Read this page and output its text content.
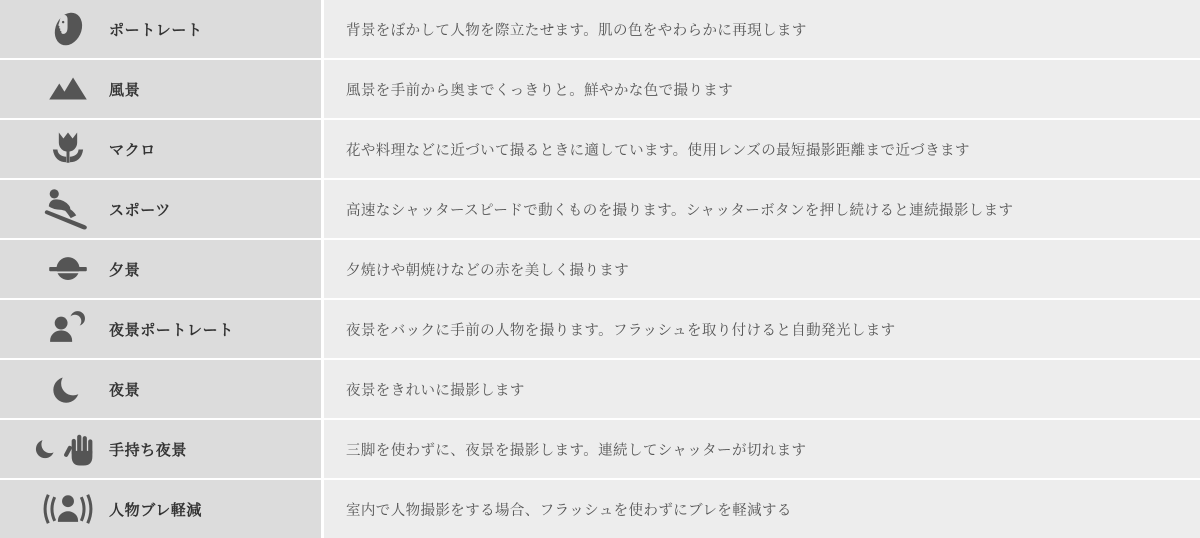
ポートレート	背景をぼかして人物を際立たせます。肌の色をやわらかに再現します
風景	風景を手前から奥までくっきりと。鮮やかな色で撮ります
マクロ	花や料理などに近づいて撮るときに適しています。使用レンズの最短撮影距離まで近づきます
スポーツ	高速なシャッタースピードで動くものを撮ります。シャッターボタンを押し続けると連続撮影します
夕景	夕焼けや朝焼けなどの赤を美しく撮ります
夜景ポートレート	夜景をバックに手前の人物を撮ります。フラッシュを取り付けると自動発光します
夜景	夜景をきれいに撮影します
手持ち夜景	三脚を使わずに、夜景を撮影します。連続してシャッターが切れます
人物ブレ軽減	室内で人物撮影をする場合、フラッシュを使わずにブレを軽減する
